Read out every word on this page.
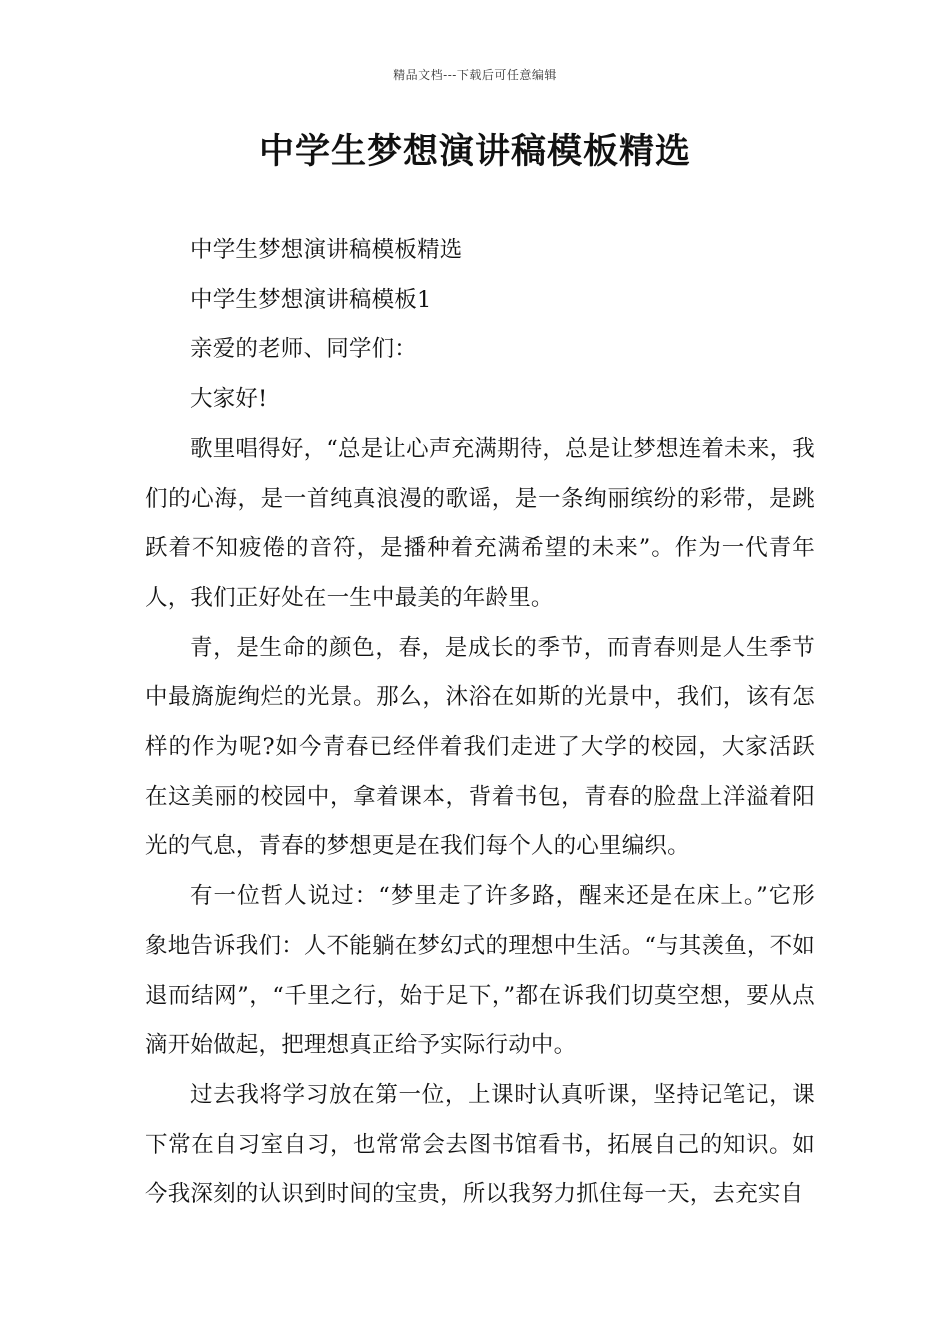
精品文档---下载后可任意编辑
中学生梦想演讲稿模板精选

中学生梦想演讲稿模板精选

中学生梦想演讲稿模板1

亲爱的老师、同学们：

大家好!

歌里唱得好，“总是让心声充满期待，总是让梦想连着未来，我们的心海，是一首纯真浪漫的歌谣，是一条绚丽缤纷的彩带，是跳跃着不知疲倦的音符，是播种着充满希望的未来”。作为一代青年人，我们正好处在一生中最美的年龄里。

青，是生命的颜色，春，是成长的季节，而青春则是人生季节中最旖旎绚烂的光景。那么，沐浴在如斯的光景中，我们，该有怎样的作为呢?如今青春已经伴着我们走进了大学的校园，大家活跃在这美丽的校园中，拿着课本，背着书包，青春的脸盘上洋溢着阳光的气息，青春的梦想更是在我们每个人的心里编织。

有一位哲人说过：“梦里走了许多路，醒来还是在床上。”它形象地告诉我们：人不能躺在梦幻式的理想中生活。“与其羡鱼，不如退而结网”，“千里之行，始于足下，”都在诉我们切莫空想，要从点滴开始做起，把理想真正给予实际行动中。

过去我将学习放在第一位，上课时认真听课，坚持记笔记，课下常在自习室自习，也常常会去图书馆看书，拓展自己的知识。如今我深刻的认识到时间的宝贵，所以我努力抓住每一天，去充实自
